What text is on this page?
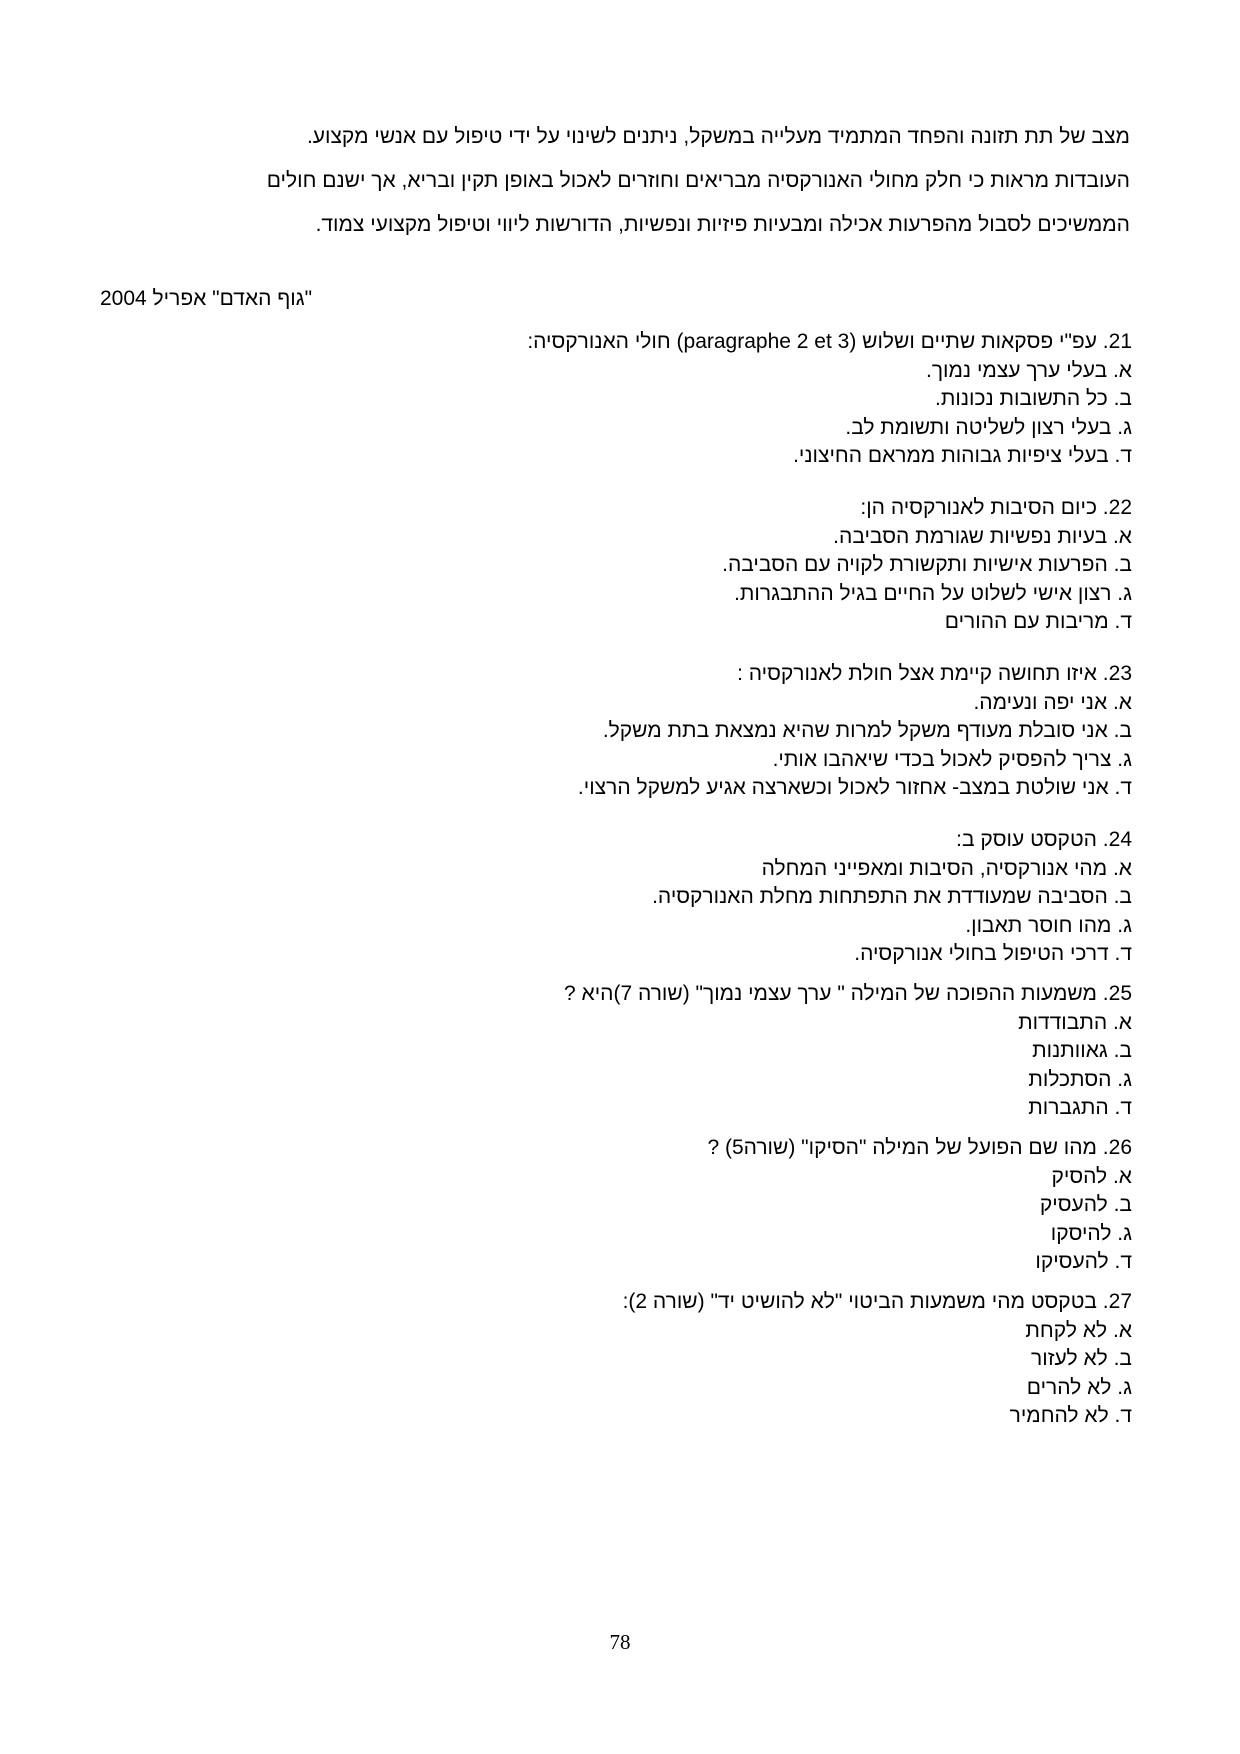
מצב של תת תזונה והפחד המתמיד מעלייה במשקל, ניתנים לשינוי על ידי טיפול עם אנשי מקצוע.

העובדות מראות כי חלק מחולי האנורקסיה מבריאים וחוזרים לאכול באופן תקין ובריא, אך ישנם חולים

הממשיכים לסבול מהפרעות אכילה ומבעיות פיזיות ונפשיות, הדורשות ליווי וטיפול מקצועי צמוד.

"גוף האדם" אפריל 2004
21. עפ"י פסקאות שתיים ושלוש (paragraphe 2 et 3) חולי האנורקסיה:
א. בעלי ערך עצמי נמוך.
ב. כל התשובות נכונות.
ג. בעלי רצון לשליטה ותשומת לב.
ד. בעלי ציפיות גבוהות ממראם החיצוני.
22. כיום הסיבות לאנורקסיה הן:
א. בעיות נפשיות שגורמת הסביבה.
ב. הפרעות אישיות ותקשורת לקויה עם הסביבה.
ג. רצון אישי לשלוט על החיים בגיל ההתבגרות.
ד. מריבות עם ההורים
23. איזו תחושה קיימת אצל חולת לאנורקסיה :
א. אני יפה ונעימה.
ב. אני סובלת מעודף משקל למרות שהיא נמצאת בתת משקל.
ג. צריך להפסיק לאכול בכדי שיאהבו אותי.
ד. אני שולטת במצב- אחזור לאכול וכשארצה אגיע למשקל הרצוי.
24. הטקסט עוסק ב:
א. מהי אנורקסיה, הסיבות ומאפייני המחלה
ב. הסביבה שמעודדת את התפתחות מחלת האנורקסיה.
ג. מהו חוסר תאבון.
ד. דרכי הטיפול בחולי אנורקסיה.
25. משמעות ההפוכה של המילה " ערך עצמי נמוך" (שורה 7)היא ?
א. התבודדות
ב. גאוותנות
ג. הסתכלות
ד. התגברות
26. מהו שם הפועל של המילה "הסיקו" (שורה5) ?
א. להסיק
ב. להעסיק
ג. להיסקו
ד. להעסיקו
27. בטקסט מהי משמעות הביטוי "לא להושיט יד" (שורה 2):
א. לא לקחת
ב. לא לעזור
ג. לא להרים
ד. לא להחמיר
78
